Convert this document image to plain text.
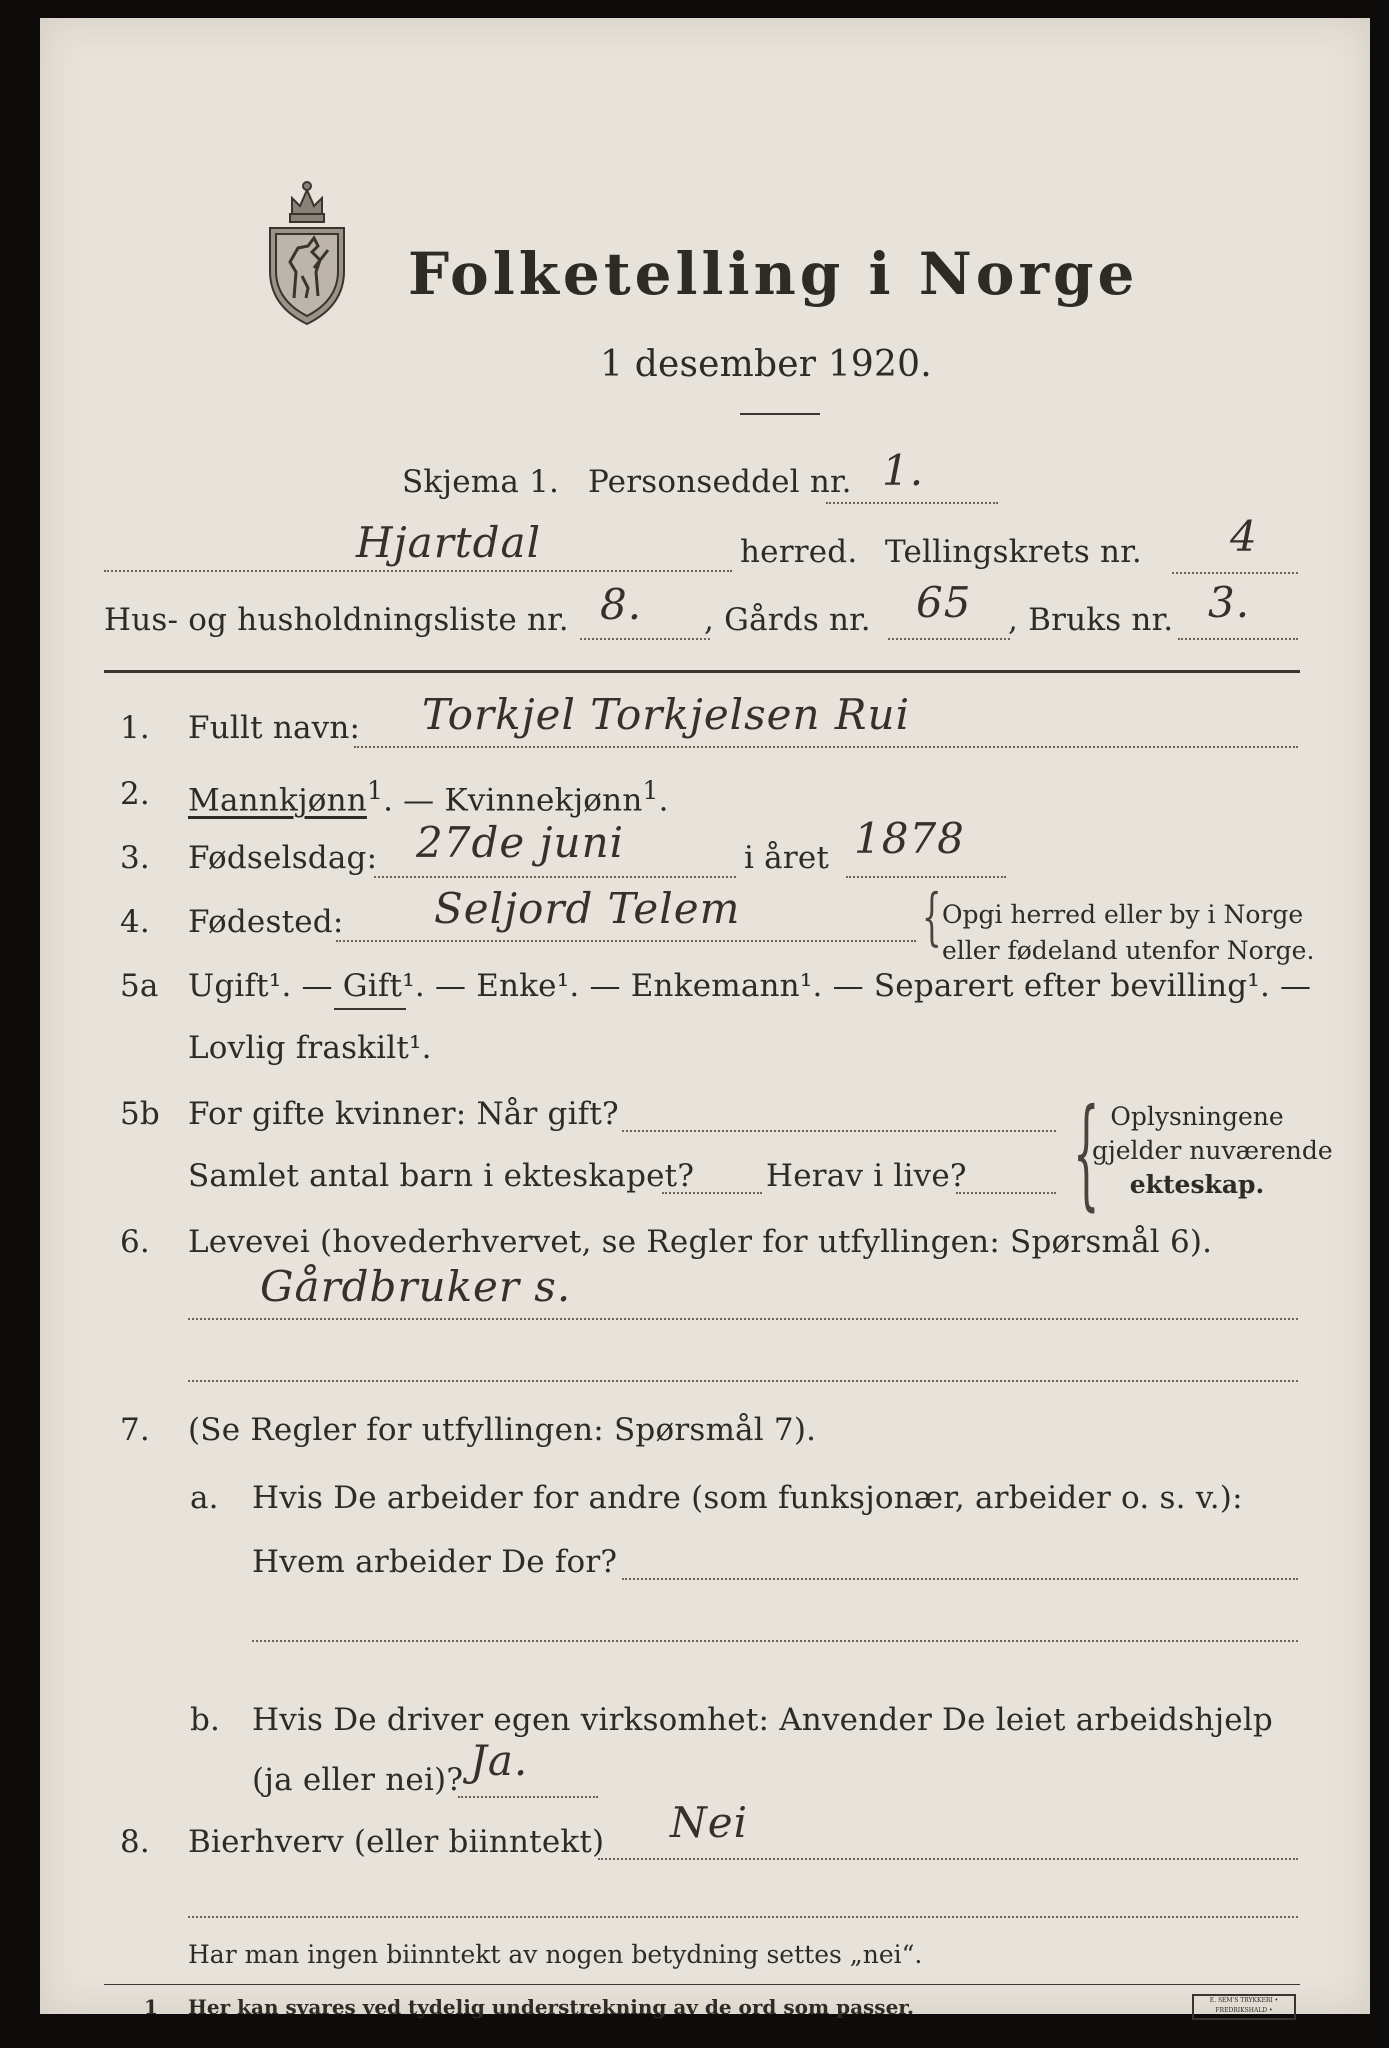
Folketelling i Norge
1 desember 1920.
Skjema 1. Personseddel nr. 1.
Hjartdal	herred. Tellingskrets nr. 4
Hus- og husholdningsliste nr. 8. , Gårds nr. 65 , Bruks nr. 3.
1. Fullt navn: Torkjel Torkjelsen Rui
2. Mannkjønn$^1$. — Kvinnekjønn$^1$.
3. Fødselsdag: 27de juni	i året 1878
4. Fødested: Seljord Telem	{ Opgi herred eller by i Norge
eller fødeland utenfor Norge.
5a Ugift¹. — Gift¹. — Enke¹. — Enkemann¹. — Separert efter bevilling¹. —
Lovlig fraskilt¹.
5b For gifte kvinner: Når gift?
Samlet antal barn i ekteskapet? Herav i live? { Oplysningene
gjelder nuværende
ekteskap.
6. Levevei (hovederhvervet, se Regler for utfyllingen: Spørsmål 6).
Gårdbruker s.
7. (Se Regler for utfyllingen: Spørsmål 7).
a. Hvis De arbeider for andre (som funksjonær, arbeider o. s. v.):
Hvem arbeider De for?
b. Hvis De driver egen virksomhet: Anvender De leiet arbeidshjelp
(ja eller nei)? Ja.
8. Bierhverv (eller biinntekt) Nei
Har man ingen biinntekt av nogen betydning settes „nei“.
1 Her kan svares ved tydelig understrekning av de ord som passer.	E. SEM'S TRYKKERI • FREDRIKSHALD •
